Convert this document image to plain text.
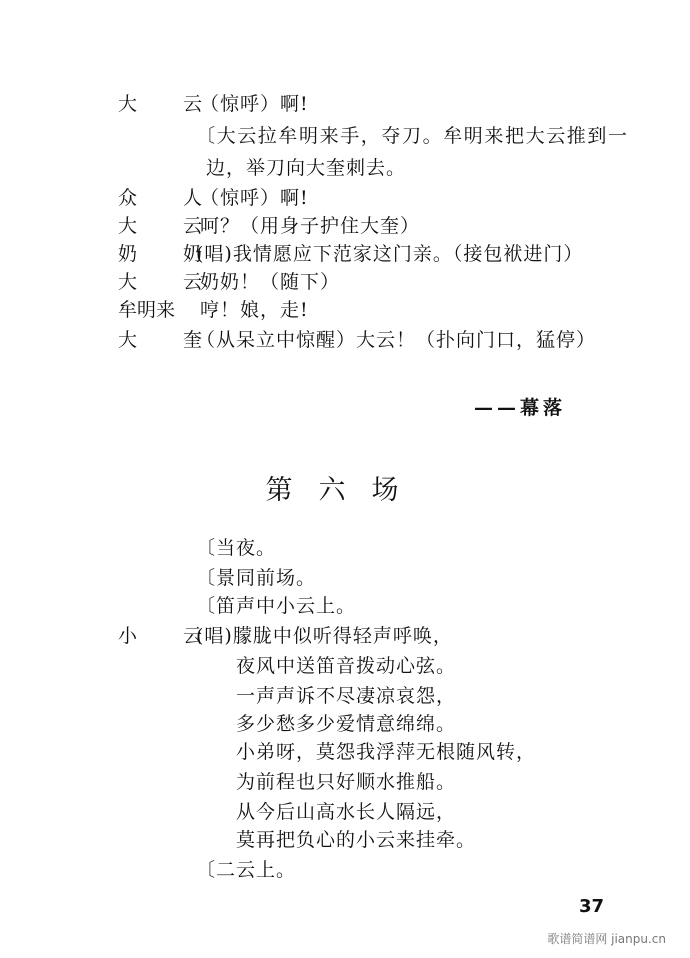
大 云
（惊呼）啊!
〔大云拉牟明来手，夺刀。牟明来把大云推到一
边，举刀向大奎刺去。
众 人
（惊呼）啊!
大 云
呵？（用身子护住大奎）
奶 奶
(唱)我情愿应下范家这门亲。（接包袱进门）
大 云
奶奶！（随下）
牟明来 哼！娘，走!
大 奎
（从呆立中惊醒）大云！（扑向门口，猛停）
——幕落
第六场
〔当夜。
〔景同前场。
〔笛声中小云上。
小 云
(唱)朦胧中似听得轻声呼唤，
夜风中送笛音拨动心弦。
一声声诉不尽凄凉哀怨，
多少愁多少爱情意绵绵。
小弟呀，莫怨我浮萍无根随风转，
为前程也只好顺水推船。
从今后山高水长人隔远，
莫再把负心的小云来挂牵。
〔二云上。
37
歌谱简谱网 jianpu.cn
